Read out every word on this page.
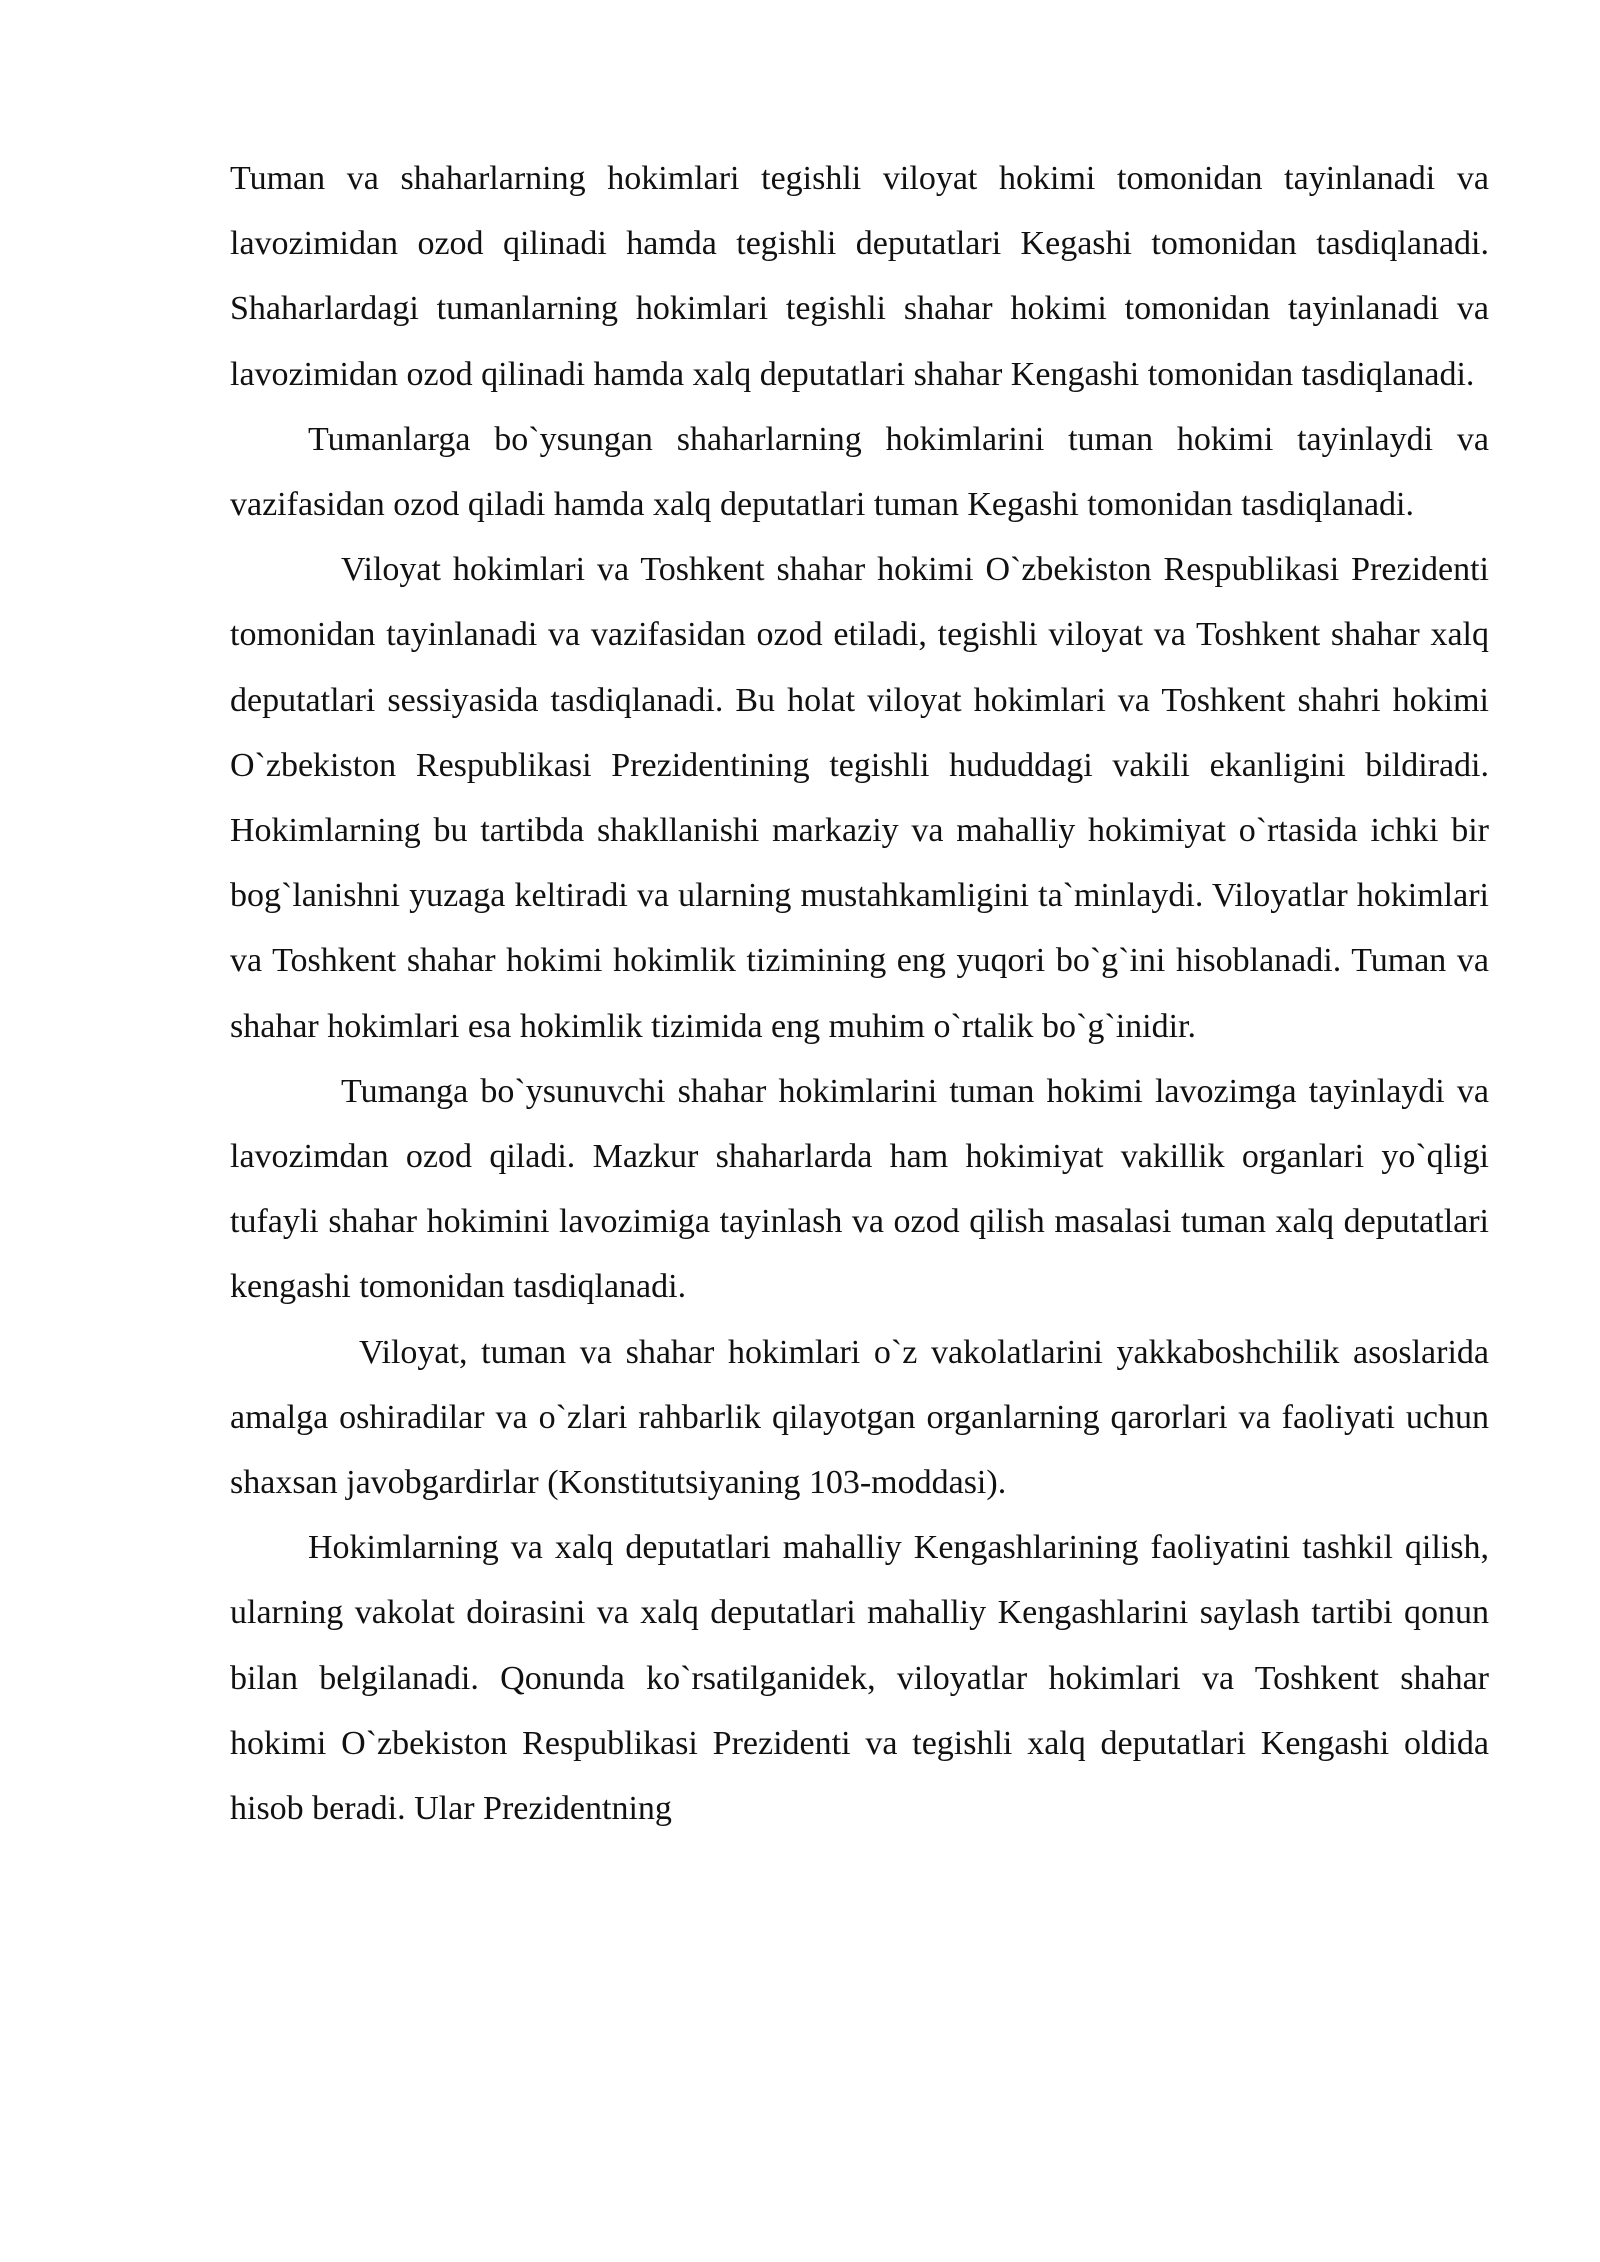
Tuman va shaharlarning hokimlari tegishli viloyat hokimi tomonidan tayinlanadi va lavozimidan ozod qilinadi hamda tegishli deputatlari Kegashi tomonidan tasdiqlanadi. Shaharlardagi tumanlarning hokimlari tegishli shahar hokimi tomonidan tayinlanadi va lavozimidan ozod qilinadi hamda xalq deputatlari shahar Kengashi tomonidan tasdiqlanadi.

Tumanlarga bo`ysungan shaharlarning hokimlarini tuman hokimi tayinlaydi va vazifasidan ozod qiladi hamda xalq deputatlari tuman Kegashi tomonidan tasdiqlanadi.

Viloyat hokimlari va Toshkent shahar hokimi O`zbekiston Respublikasi Prezidenti tomonidan tayinlanadi va vazifasidan ozod etiladi, tegishli viloyat va Toshkent shahar xalq deputatlari sessiyasida tasdiqlanadi. Bu holat viloyat hokimlari va Toshkent shahri hokimi O`zbekiston Respublikasi Prezidentining tegishli hududdagi vakili ekanligini bildiradi. Hokimlarning bu tartibda shakllanishi markaziy va mahalliy hokimiyat o`rtasida ichki bir bog`lanishni yuzaga keltiradi va ularning mustahkamligini ta`minlaydi. Viloyatlar hokimlari va Toshkent shahar hokimi hokimlik tizimining eng yuqori bo`g`ini hisoblanadi. Tuman va shahar hokimlari esa hokimlik tizimida eng muhim o`rtalik bo`g`inidir.
Tumanga bo`ysunuvchi shahar hokimlarini tuman hokimi lavozimga tayinlaydi va lavozimdan ozod qiladi. Mazkur shaharlarda ham hokimiyat vakillik organlari yo`qligi tufayli shahar hokimini lavozimiga tayinlash va ozod qilish masalasi tuman xalq deputatlari kengashi tomonidan tasdiqlanadi.

Viloyat, tuman va shahar hokimlari o`z vakolatlarini yakkaboshchilik asoslarida amalga oshiradilar va o`zlari rahbarlik qilayotgan organlarning qarorlari va faoliyati uchun shaxsan javobgardirlar (Konstitutsiyaning 103-moddasi).

Hokimlarning va xalq deputatlari mahalliy Kengashlarining faoliyatini tashkil qilish, ularning vakolat doirasini va xalq deputatlari mahalliy Kengashlarini saylash tartibi qonun bilan belgilanadi. Qonunda ko`rsatilganidek, viloyatlar hokimlari va Toshkent shahar hokimi O`zbekiston Respublikasi Prezidenti va tegishli xalq deputatlari Kengashi oldida hisob beradi. Ular Prezidentning
